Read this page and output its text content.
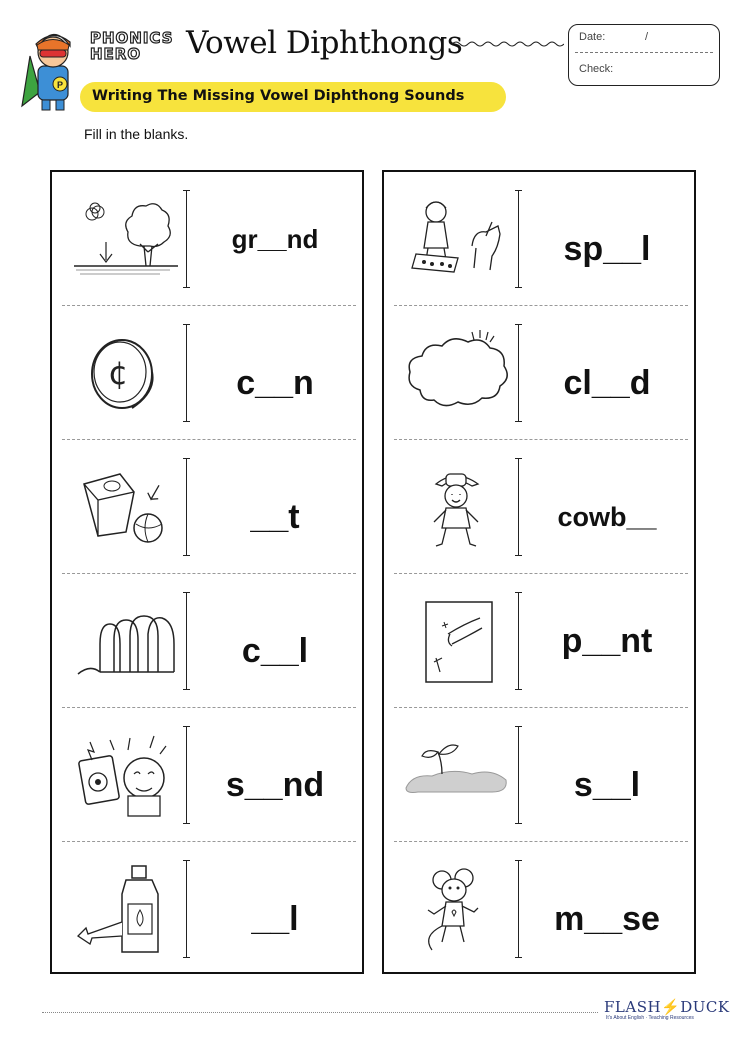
P
PHONICS
HERO	Vowel Diphthongs	Date:	/
Check:
Writing The Missing Vowel Diphthong Sounds
Fill in the blanks.
gr__nd
¢	c__n
__t
c__l
s__nd
__l
sp__l
cl__d
cowb__
p__nt
s__l
m__se
FLASH⚡DUCK
It's About English · Teaching Resources
